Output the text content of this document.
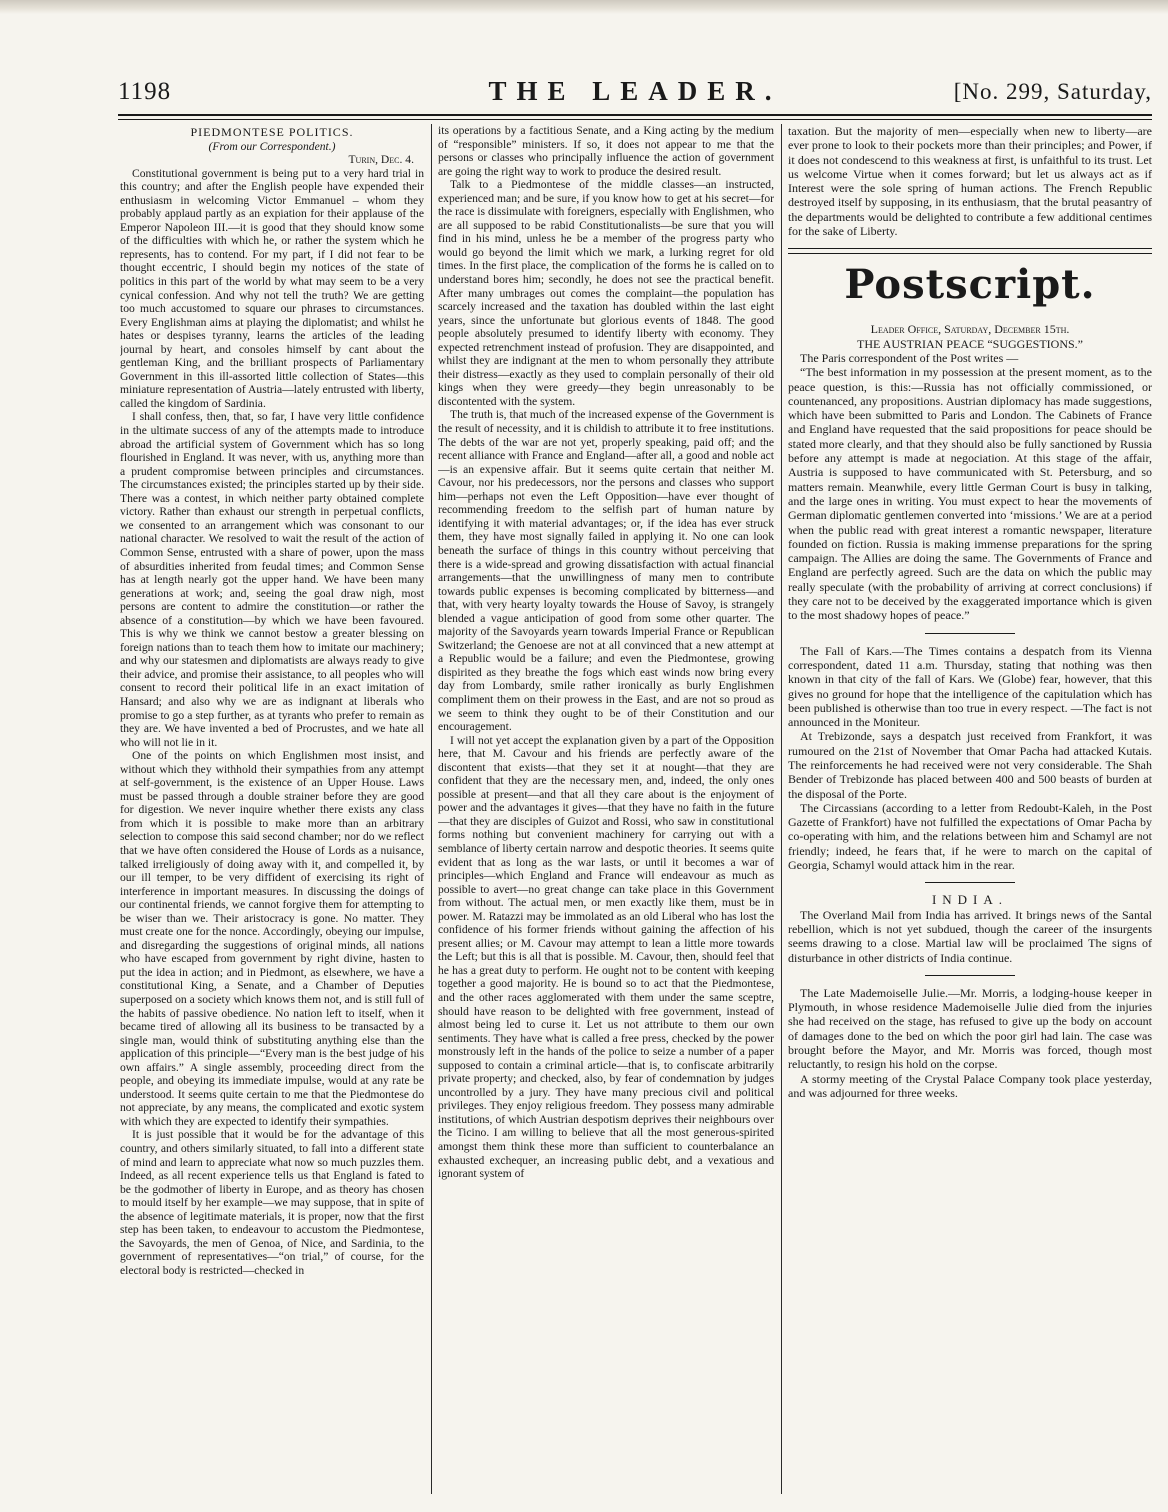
1198	THE LEADER.	[No. 299, Saturday,

PIEDMONTESE POLITICS.

(From our Correspondent.)

Turin, Dec. 4.

Constitutional government is being put to a very hard trial in this country; and after the English people have expended their enthusiasm in welcoming Victor Emmanuel – whom they probably applaud partly as an expiation for their applause of the Emperor Napoleon III.—it is good that they should know some of the difficulties with which he, or rather the system which he represents, has to contend. For my part, if I did not fear to be thought eccentric, I should begin my notices of the state of politics in this part of the world by what may seem to be a very cynical confession. And why not tell the truth? We are getting too much accustomed to square our phrases to circumstances. Every Englishman aims at playing the diplomatist; and whilst he hates or despises tyranny, learns the articles of the leading journal by heart, and consoles himself by cant about the gentleman King, and the brilliant prospects of Parliamentary Government in this ill-assorted little collection of States—this miniature representation of Austria—lately entrusted with liberty, called the kingdom of Sardinia.

I shall confess, then, that, so far, I have very little confidence in the ultimate success of any of the attempts made to introduce abroad the artificial system of Government which has so long flourished in England. It was never, with us, anything more than a prudent compromise between principles and circumstances. The circumstances existed; the principles started up by their side. There was a contest, in which neither party obtained complete victory. Rather than exhaust our strength in perpetual conflicts, we consented to an arrangement which was consonant to our national character. We resolved to wait the result of the action of Common Sense, entrusted with a share of power, upon the mass of absurdities inherited from feudal times; and Common Sense has at length nearly got the upper hand. We have been many generations at work; and, seeing the goal draw nigh, most persons are content to admire the constitution—or rather the absence of a constitution—by which we have been favoured. This is why we think we cannot bestow a greater blessing on foreign nations than to teach them how to imitate our machinery; and why our statesmen and diplomatists are always ready to give their advice, and promise their assistance, to all peoples who will consent to record their political life in an exact imitation of Hansard; and also why we are as indignant at liberals who promise to go a step further, as at tyrants who prefer to remain as they are. We have invented a bed of Procrustes, and we hate all who will not lie in it.

One of the points on which Englishmen most insist, and without which they withhold their sympathies from any attempt at self-government, is the existence of an Upper House. Laws must be passed through a double strainer before they are good for digestion. We never inquire whether there exists any class from which it is possible to make more than an arbitrary selection to compose this said second chamber; nor do we reflect that we have often considered the House of Lords as a nuisance, talked irreligiously of doing away with it, and compelled it, by our ill temper, to be very diffident of exercising its right of interference in important measures. In discussing the doings of our continental friends, we cannot forgive them for attempting to be wiser than we. Their aristocracy is gone. No matter. They must create one for the nonce. Accordingly, obeying our impulse, and disregarding the suggestions of original minds, all nations who have escaped from government by right divine, hasten to put the idea in action; and in Piedmont, as elsewhere, we have a constitutional King, a Senate, and a Chamber of Deputies superposed on a society which knows them not, and is still full of the habits of passive obedience. No nation left to itself, when it became tired of allowing all its business to be transacted by a single man, would think of substituting anything else than the application of this principle—“Every man is the best judge of his own affairs.” A single assembly, proceeding direct from the people, and obeying its immediate impulse, would at any rate be understood. It seems quite certain to me that the Piedmontese do not appreciate, by any means, the complicated and exotic system with which they are expected to identify their sympathies.

It is just possible that it would be for the advantage of this country, and others similarly situated, to fall into a different state of mind and learn to appreciate what now so much puzzles them. Indeed, as all recent experience tells us that England is fated to be the godmother of liberty in Europe, and as theory has chosen to mould itself by her example—we may suppose, that in spite of the absence of legitimate materials, it is proper, now that the first step has been taken, to endeavour to accustom the Piedmontese, the Savoyards, the men of Genoa, of Nice, and Sardinia, to the government of representatives—“on trial,” of course, for the electoral body is restricted—checked in

its operations by a factitious Senate, and a King acting by the medium of “responsible” ministers. If so, it does not appear to me that the persons or classes who principally influence the action of government are going the right way to work to produce the desired result.

Talk to a Piedmontese of the middle classes—an instructed, experienced man; and be sure, if you know how to get at his secret—for the race is dissimulate with foreigners, especially with Englishmen, who are all supposed to be rabid Constitutionalists—be sure that you will find in his mind, unless he be a member of the progress party who would go beyond the limit which we mark, a lurking regret for old times. In the first place, the complication of the forms he is called on to understand bores him; secondly, he does not see the practical benefit. After many umbrages out comes the complaint—the population has scarcely increased and the taxation has doubled within the last eight years, since the unfortunate but glorious events of 1848. The good people absolutely presumed to identify liberty with economy. They expected retrenchment instead of profusion. They are disappointed, and whilst they are indignant at the men to whom personally they attribute their distress—exactly as they used to complain personally of their old kings when they were greedy—they begin unreasonably to be discontented with the system.

The truth is, that much of the increased expense of the Government is the result of necessity, and it is childish to attribute it to free institutions. The debts of the war are not yet, properly speaking, paid off; and the recent alliance with France and England—after all, a good and noble act—is an expensive affair. But it seems quite certain that neither M. Cavour, nor his predecessors, nor the persons and classes who support him—perhaps not even the Left Opposition—have ever thought of recommending freedom to the selfish part of human nature by identifying it with material advantages; or, if the idea has ever struck them, they have most signally failed in applying it. No one can look beneath the surface of things in this country without perceiving that there is a wide-spread and growing dissatisfaction with actual financial arrangements—that the unwillingness of many men to contribute towards public expenses is becoming complicated by bitterness—and that, with very hearty loyalty towards the House of Savoy, is strangely blended a vague anticipation of good from some other quarter. The majority of the Savoyards yearn towards Imperial France or Republican Switzerland; the Genoese are not at all convinced that a new attempt at a Republic would be a failure; and even the Piedmontese, growing dispirited as they breathe the fogs which east winds now bring every day from Lombardy, smile rather ironically as burly Englishmen compliment them on their prowess in the East, and are not so proud as we seem to think they ought to be of their Constitution and our encouragement.

I will not yet accept the explanation given by a part of the Opposition here, that M. Cavour and his friends are perfectly aware of the discontent that exists—that they set it at nought—that they are confident that they are the necessary men, and, indeed, the only ones possible at present—and that all they care about is the enjoyment of power and the advantages it gives—that they have no faith in the future—that they are disciples of Guizot and Rossi, who saw in constitutional forms nothing but convenient machinery for carrying out with a semblance of liberty certain narrow and despotic theories. It seems quite evident that as long as the war lasts, or until it becomes a war of principles—which England and France will endeavour as much as possible to avert—no great change can take place in this Government from without. The actual men, or men exactly like them, must be in power. M. Ratazzi may be immolated as an old Liberal who has lost the confidence of his former friends without gaining the affection of his present allies; or M. Cavour may attempt to lean a little more towards the Left; but this is all that is possible. M. Cavour, then, should feel that he has a great duty to perform. He ought not to be content with keeping together a good majority. He is bound so to act that the Piedmontese, and the other races agglomerated with them under the same sceptre, should have reason to be delighted with free government, instead of almost being led to curse it. Let us not attribute to them our own sentiments. They have what is called a free press, checked by the power monstrously left in the hands of the police to seize a number of a paper supposed to contain a criminal article—that is, to confiscate arbitrarily private property; and checked, also, by fear of condemnation by judges uncontrolled by a jury. They have many precious civil and political privileges. They enjoy religious freedom. They possess many admirable institutions, of which Austrian despotism deprives their neighbours over the Ticino. I am willing to believe that all the most generous-spirited amongst them think these more than sufficient to counterbalance an exhausted exchequer, an increasing public debt, and a vexatious and ignorant system of

taxation. But the majority of men—especially when new to liberty—are ever prone to look to their pockets more than their principles; and Power, if it does not condescend to this weakness at first, is unfaithful to its trust. Let us welcome Virtue when it comes forward; but let us always act as if Interest were the sole spring of human actions. The French Republic destroyed itself by supposing, in its enthusiasm, that the brutal peasantry of the departments would be delighted to contribute a few additional centimes for the sake of Liberty.

Postscript.

Leader Office, Saturday, December 15th.

THE AUSTRIAN PEACE “SUGGESTIONS.”

The Paris correspondent of the Post writes —

“The best information in my possession at the present moment, as to the peace question, is this:—Russia has not officially commissioned, or countenanced, any propositions. Austrian diplomacy has made suggestions, which have been submitted to Paris and London. The Cabinets of France and England have requested that the said propositions for peace should be stated more clearly, and that they should also be fully sanctioned by Russia before any attempt is made at negociation. At this stage of the affair, Austria is supposed to have communicated with St. Petersburg, and so matters remain. Meanwhile, every little German Court is busy in talking, and the large ones in writing. You must expect to hear the movements of German diplomatic gentlemen converted into ‘missions.’ We are at a period when the public read with great interest a romantic newspaper, literature founded on fiction. Russia is making immense preparations for the spring campaign. The Allies are doing the same. The Governments of France and England are perfectly agreed. Such are the data on which the public may really speculate (with the probability of arriving at correct conclusions) if they care not to be deceived by the exaggerated importance which is given to the most shadowy hopes of peace.”

The Fall of Kars.—The Times contains a despatch from its Vienna correspondent, dated 11 a.m. Thursday, stating that nothing was then known in that city of the fall of Kars. We (Globe) fear, however, that this gives no ground for hope that the intelligence of the capitulation which has been published is otherwise than too true in every respect. —The fact is not announced in the Moniteur.

At Trebizonde, says a despatch just received from Frankfort, it was rumoured on the 21st of November that Omar Pacha had attacked Kutais. The reinforcements he had received were not very considerable. The Shah Bender of Trebizonde has placed between 400 and 500 beasts of burden at the disposal of the Porte.

The Circassians (according to a letter from Redoubt-Kaleh, in the Post Gazette of Frankfort) have not fulfilled the expectations of Omar Pacha by co-operating with him, and the relations between him and Schamyl are not friendly; indeed, he fears that, if he were to march on the capital of Georgia, Schamyl would attack him in the rear.

INDIA.

The Overland Mail from India has arrived. It brings news of the Santal rebellion, which is not yet subdued, though the career of the insurgents seems drawing to a close. Martial law will be proclaimed The signs of disturbance in other districts of India continue.

The Late Mademoiselle Julie.—Mr. Morris, a lodging-house keeper in Plymouth, in whose residence Mademoiselle Julie died from the injuries she had received on the stage, has refused to give up the body on account of damages done to the bed on which the poor girl had lain. The case was brought before the Mayor, and Mr. Morris was forced, though most reluctantly, to resign his hold on the corpse.

A stormy meeting of the Crystal Palace Company took place yesterday, and was adjourned for three weeks.
